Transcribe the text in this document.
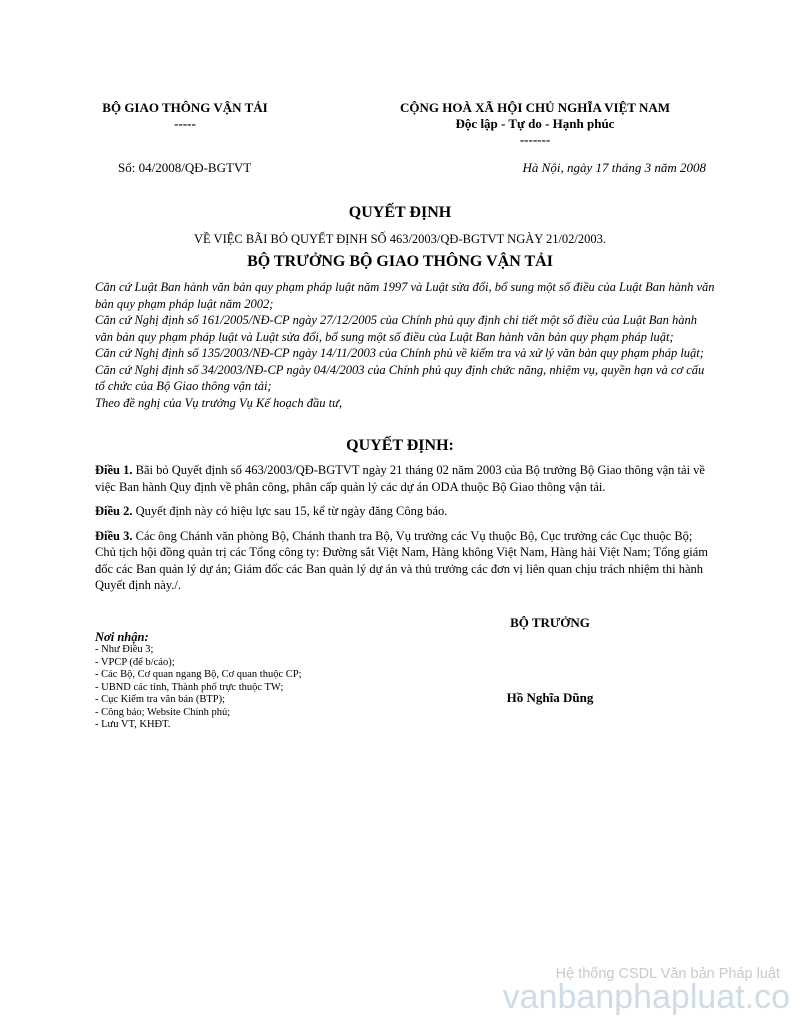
BỘ GIAO THÔNG VẬN TẢI
-----
CỘNG HOÀ XÃ HỘI CHỦ NGHĨA VIỆT NAM
Độc lập - Tự do - Hạnh phúc
-------
Số: 04/2008/QĐ-BGTVT	Hà Nội, ngày 17 tháng 3 năm 2008
QUYẾT ĐỊNH
VỀ VIỆC BÃI BỎ QUYẾT ĐỊNH SỐ 463/2003/QĐ-BGTVT NGÀY 21/02/2003.
BỘ TRƯỞNG BỘ GIAO THÔNG VẬN TẢI
Căn cứ Luật Ban hành văn bản quy phạm pháp luật năm 1997 và Luật sửa đổi, bổ sung một số điều của Luật Ban hành văn bản quy phạm pháp luật năm 2002;
Căn cứ Nghị định số 161/2005/NĐ-CP ngày 27/12/2005 của Chính phủ quy định chi tiết một số điều của Luật Ban hành văn bản quy phạm pháp luật và Luật sửa đổi, bổ sung một số điều của Luật Ban hành văn bản quy phạm pháp luật;
Căn cứ Nghị định số 135/2003/NĐ-CP ngày 14/11/2003 của Chính phủ về kiểm tra và xử lý văn bản quy phạm pháp luật;
Căn cứ Nghị định số 34/2003/NĐ-CP ngày 04/4/2003 của Chính phủ quy định chức năng, nhiệm vụ, quyền hạn và cơ cấu tổ chức của Bộ Giao thông vận tải;
Theo đề nghị của Vụ trưởng Vụ Kế hoạch đầu tư,
QUYẾT ĐỊNH:

Điều 1. Bãi bỏ Quyết định số 463/2003/QĐ-BGTVT ngày 21 tháng 02 năm 2003 của Bộ trưởng Bộ Giao thông vận tải về việc Ban hành Quy định về phân công, phân cấp quản lý các dự án ODA thuộc Bộ Giao thông vận tải.

Điều 2. Quyết định này có hiệu lực sau 15, kể từ ngày đăng Công báo.

Điều 3. Các ông Chánh văn phòng Bộ, Chánh thanh tra Bộ, Vụ trưởng các Vụ thuộc Bộ, Cục trưởng các Cục thuộc Bộ; Chủ tịch hội đồng quản trị các Tổng công ty: Đường sắt Việt Nam, Hàng không Việt Nam, Hàng hải Việt Nam; Tổng giám đốc các Ban quản lý dự án; Giám đốc các Ban quản lý dự án và thủ trưởng các đơn vị liên quan chịu trách nhiệm thi hành Quyết định này./.

BỘ TRƯỞNG
Nơi nhận:
- Như Điều 3;
- VPCP (để b/cáo);
- Các Bộ, Cơ quan ngang Bộ, Cơ quan thuộc CP;
- UBND các tỉnh, Thành phố trực thuộc TW;
- Cục Kiểm tra văn bản (BTP);
- Công báo; Website Chính phủ;
- Lưu VT, KHĐT.
Hồ Nghĩa Dũng
Hệ thống CSDL Văn bản Pháp luật
vanbanphapluat.co
